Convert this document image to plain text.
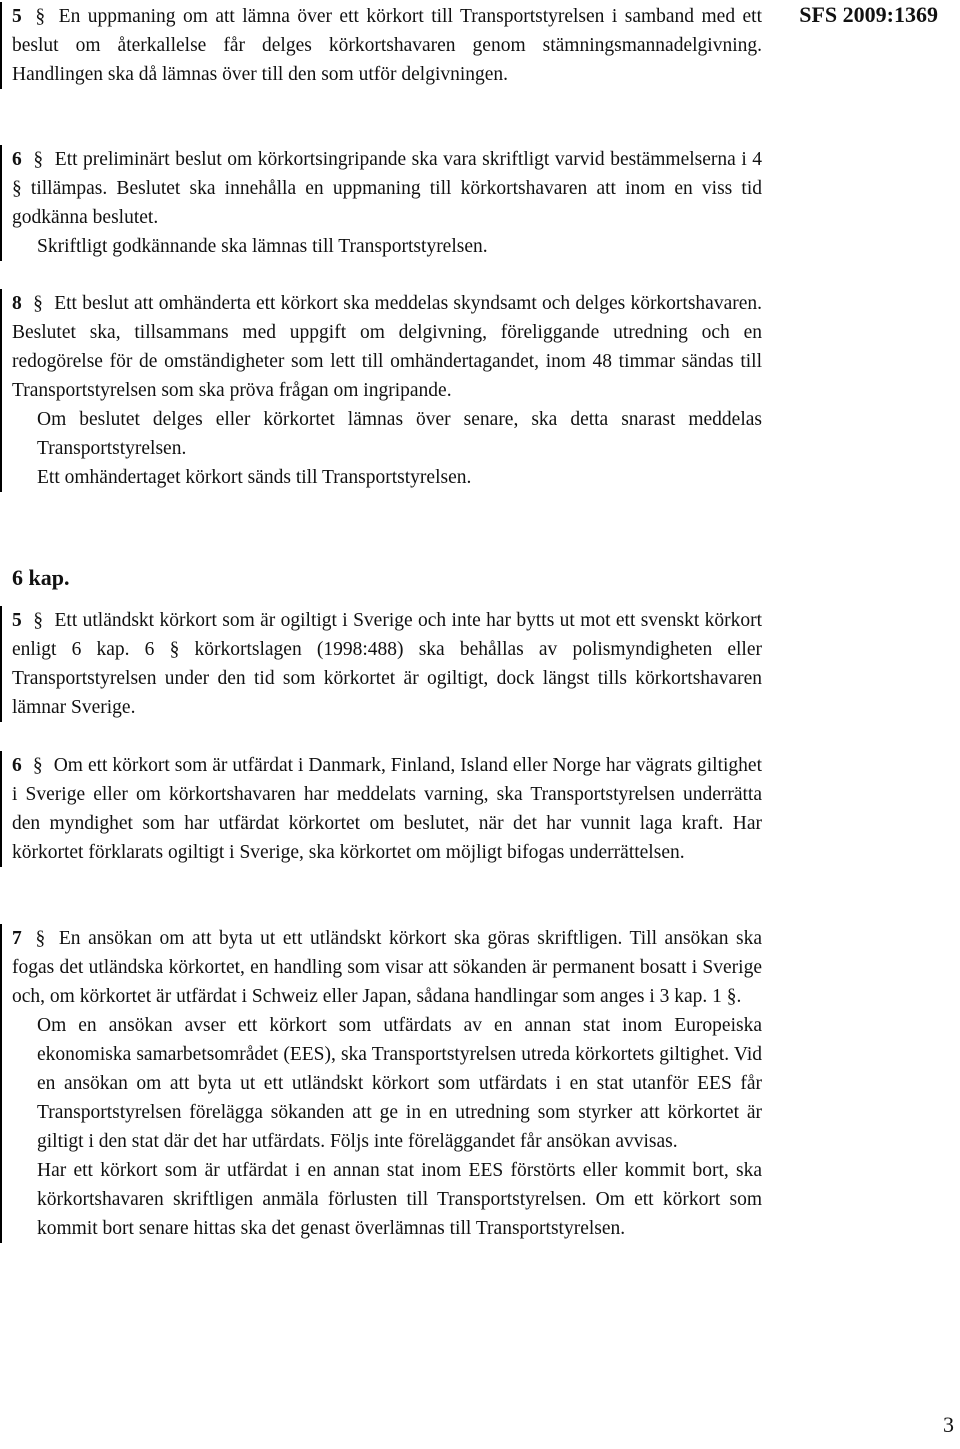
SFS 2009:1369

5 § En uppmaning om att lämna över ett körkort till Transportstyrelsen i samband med ett beslut om återkallelse får delges körkortshavaren genom stämningsmannadelgivning. Handlingen ska då lämnas över till den som utför delgivningen.

6 § Ett preliminärt beslut om körkortsingripande ska vara skriftligt varvid bestämmelserna i 4 § tillämpas. Beslutet ska innehålla en uppmaning till körkortshavaren att inom en viss tid godkänna beslutet.

Skriftligt godkännande ska lämnas till Transportstyrelsen.

8 § Ett beslut att omhänderta ett körkort ska meddelas skyndsamt och delges körkortshavaren. Beslutet ska, tillsammans med uppgift om delgivning, föreliggande utredning och en redogörelse för de omständigheter som lett till omhändertagandet, inom 48 timmar sändas till Transportstyrelsen som ska pröva frågan om ingripande.

Om beslutet delges eller körkortet lämnas över senare, ska detta snarast meddelas Transportstyrelsen.

Ett omhändertaget körkort sänds till Transportstyrelsen.

6 kap.

5 § Ett utländskt körkort som är ogiltigt i Sverige och inte har bytts ut mot ett svenskt körkort enligt 6 kap. 6 § körkortslagen (1998:488) ska behållas av polismyndigheten eller Transportstyrelsen under den tid som körkortet är ogiltigt, dock längst tills körkortshavaren lämnar Sverige.

6 § Om ett körkort som är utfärdat i Danmark, Finland, Island eller Norge har vägrats giltighet i Sverige eller om körkortshavaren har meddelats varning, ska Transportstyrelsen underrätta den myndighet som har utfärdat körkortet om beslutet, när det har vunnit laga kraft. Har körkortet förklarats ogiltigt i Sverige, ska körkortet om möjligt bifogas underrättelsen.

7 § En ansökan om att byta ut ett utländskt körkort ska göras skriftligen. Till ansökan ska fogas det utländska körkortet, en handling som visar att sökanden är permanent bosatt i Sverige och, om körkortet är utfärdat i Schweiz eller Japan, sådana handlingar som anges i 3 kap. 1 §.

Om en ansökan avser ett körkort som utfärdats av en annan stat inom Europeiska ekonomiska samarbetsområdet (EES), ska Transportstyrelsen utreda körkortets giltighet. Vid en ansökan om att byta ut ett utländskt körkort som utfärdats i en stat utanför EES får Transportstyrelsen förelägga sökanden att ge in en utredning som styrker att körkortet är giltigt i den stat där det har utfärdats. Följs inte föreläggandet får ansökan avvisas.

Har ett körkort som är utfärdat i en annan stat inom EES förstörts eller kommit bort, ska körkortshavaren skriftligen anmäla förlusten till Transportstyrelsen. Om ett körkort som kommit bort senare hittas ska det genast överlämnas till Transportstyrelsen.

3
